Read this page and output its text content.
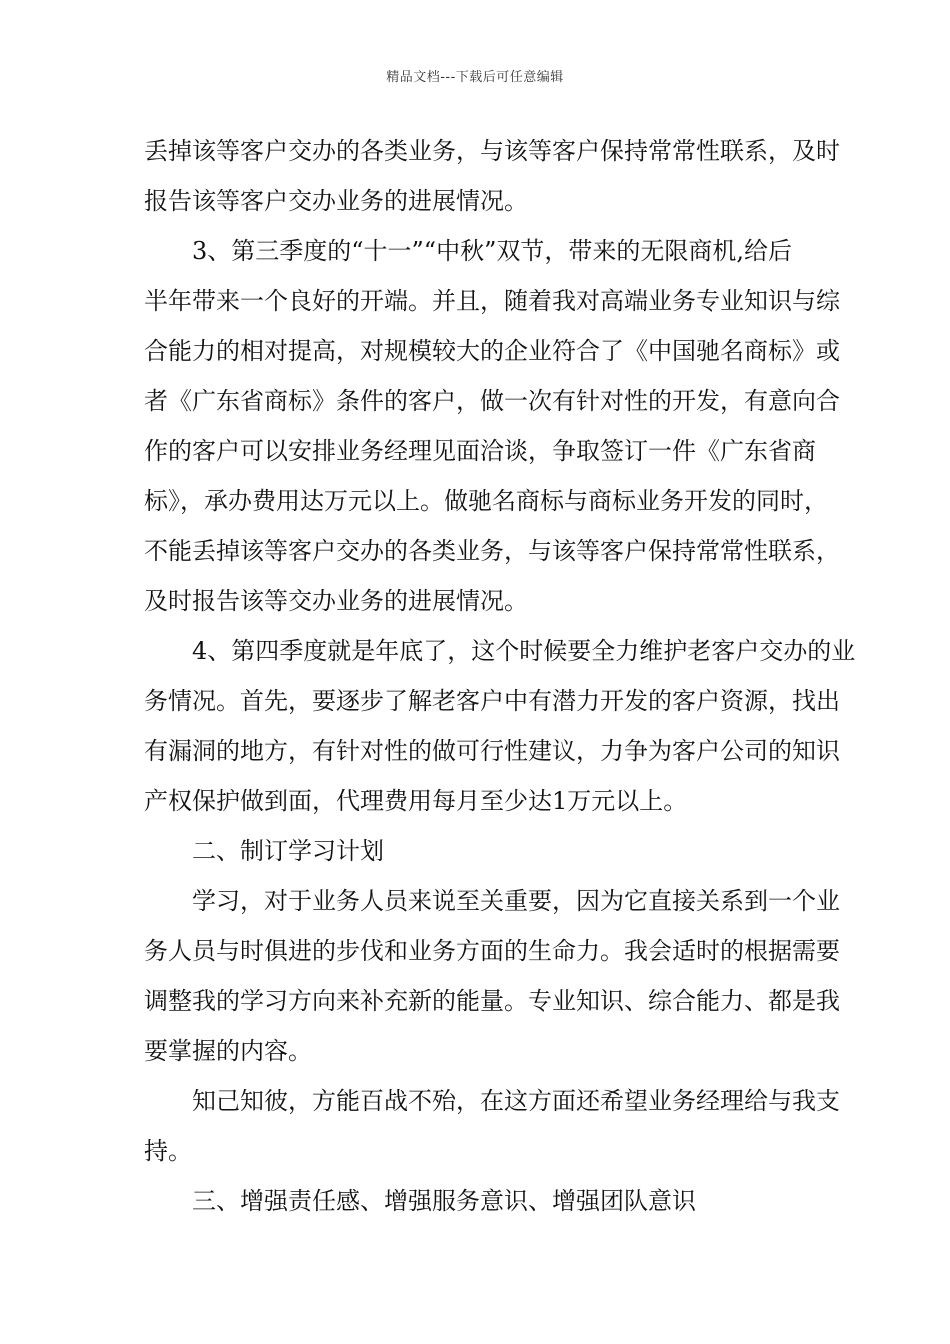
精品文档---下载后可任意编辑
丢掉该等客户交办的各类业务，与该等客户保持常常性联系，及时
报告该等客户交办业务的进展情况。
3、第三季度的“十一”“中秋”双节，带来的无限商机,给后
半年带来一个良好的开端。并且，随着我对高端业务专业知识与综
合能力的相对提高，对规模较大的企业符合了《中国驰名商标》或
者《广东省商标》条件的客户，做一次有针对性的开发，有意向合
作的客户可以安排业务经理见面洽谈，争取签订一件《广东省商
标》，承办费用达万元以上。做驰名商标与商标业务开发的同时，
不能丢掉该等客户交办的各类业务，与该等客户保持常常性联系，
及时报告该等交办业务的进展情况。
4、第四季度就是年底了，这个时候要全力维护老客户交办的业
务情况。首先，要逐步了解老客户中有潜力开发的客户资源，找出
有漏洞的地方，有针对性的做可行性建议，力争为客户公司的知识
产权保护做到面，代理费用每月至少达1万元以上。
二、制订学习计划
学习，对于业务人员来说至关重要，因为它直接关系到一个业
务人员与时俱进的步伐和业务方面的生命力。我会适时的根据需要
调整我的学习方向来补充新的能量。专业知识、综合能力、都是我
要掌握的内容。
知己知彼，方能百战不殆，在这方面还希望业务经理给与我支
持。
三、增强责任感、增强服务意识、增强团队意识
